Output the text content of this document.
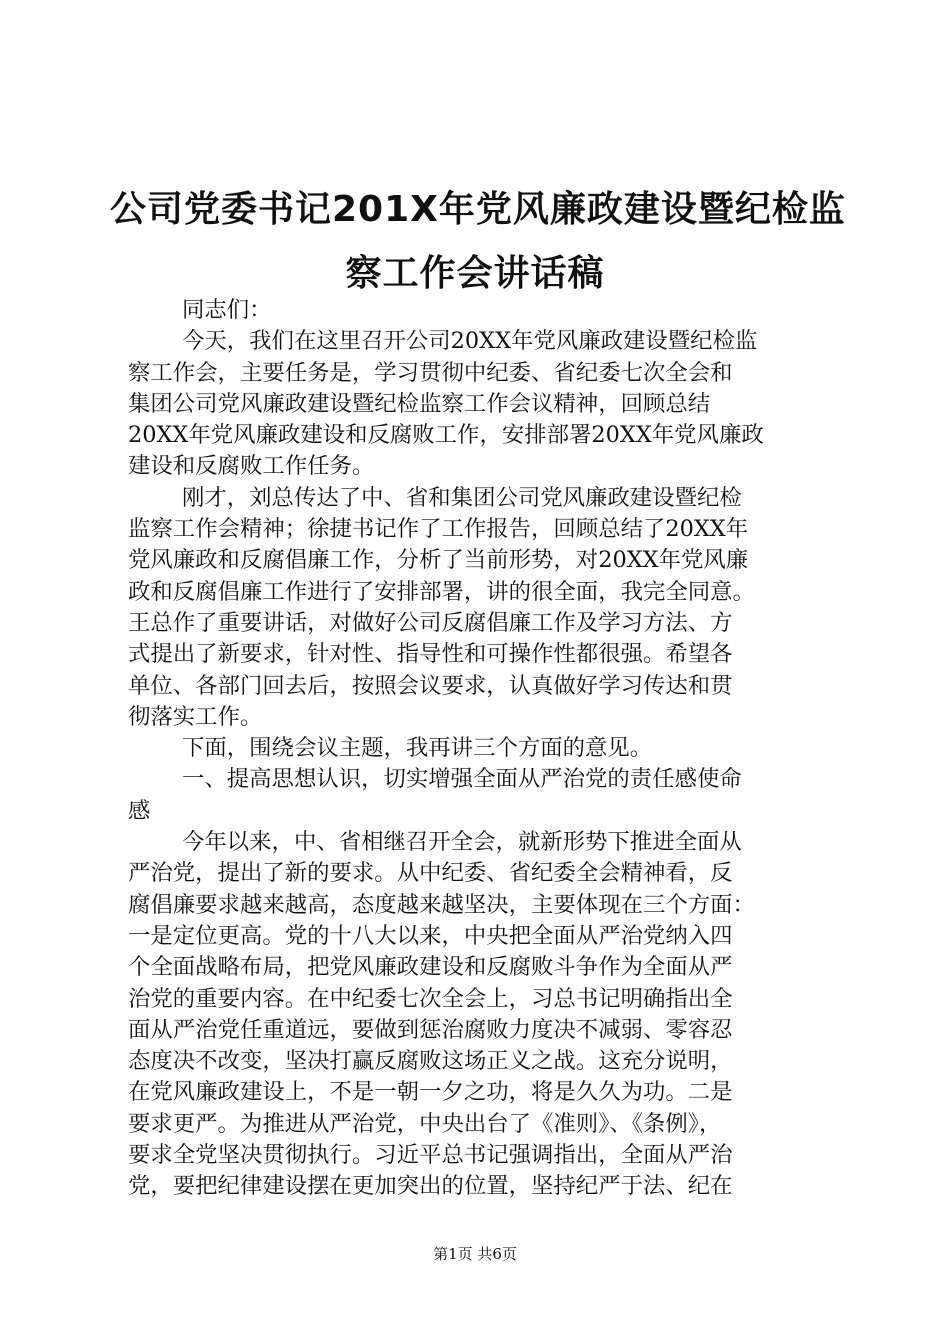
公司党委书记201X年党风廉政建设暨纪检监
察工作会讲话稿
同志们：
今天，我们在这里召开公司20XX年党风廉政建设暨纪检监
察工作会，主要任务是，学习贯彻中纪委、省纪委七次全会和
集团公司党风廉政建设暨纪检监察工作会议精神，回顾总结
20XX年党风廉政建设和反腐败工作，安排部署20XX年党风廉政
建设和反腐败工作任务。
刚才，刘总传达了中、省和集团公司党风廉政建设暨纪检
监察工作会精神；徐捷书记作了工作报告，回顾总结了20XX年
党风廉政和反腐倡廉工作，分析了当前形势，对20XX年党风廉
政和反腐倡廉工作进行了安排部署，讲的很全面，我完全同意。
王总作了重要讲话，对做好公司反腐倡廉工作及学习方法、方
式提出了新要求，针对性、指导性和可操作性都很强。希望各
单位、各部门回去后，按照会议要求，认真做好学习传达和贯
彻落实工作。
下面，围绕会议主题，我再讲三个方面的意见。
一、提高思想认识，切实增强全面从严治党的责任感使命
感
今年以来，中、省相继召开全会，就新形势下推进全面从
严治党，提出了新的要求。从中纪委、省纪委全会精神看，反
腐倡廉要求越来越高，态度越来越坚决，主要体现在三个方面：
一是定位更高。党的十八大以来，中央把全面从严治党纳入四
个全面战略布局，把党风廉政建设和反腐败斗争作为全面从严
治党的重要内容。在中纪委七次全会上，习总书记明确指出全
面从严治党任重道远，要做到惩治腐败力度决不减弱、零容忍
态度决不改变，坚决打赢反腐败这场正义之战。这充分说明，
在党风廉政建设上，不是一朝一夕之功，将是久久为功。二是
要求更严。为推进从严治党，中央出台了《准则》、《条例》，
要求全党坚决贯彻执行。习近平总书记强调指出，全面从严治
党，要把纪律建设摆在更加突出的位置，坚持纪严于法、纪在
第1页 共6页
